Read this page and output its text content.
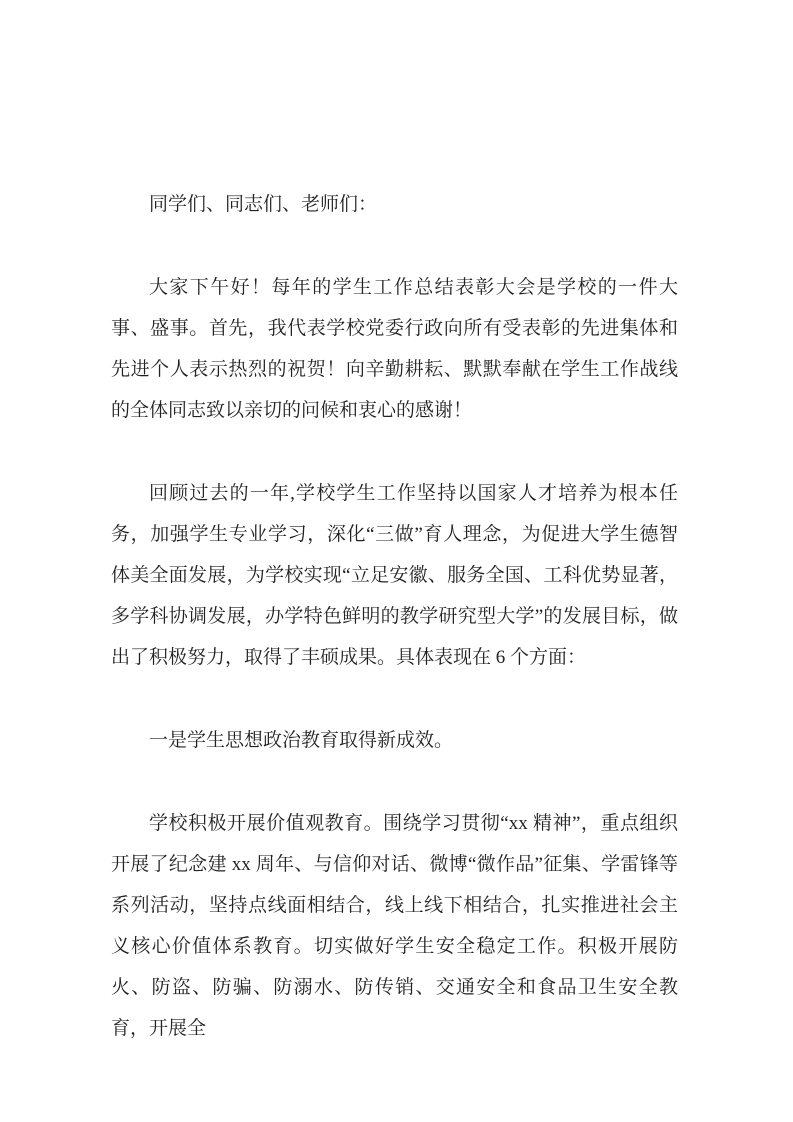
同学们、同志们、老师们：

大家下午好！每年的学生工作总结表彰大会是学校的一件大事、盛事。首先，我代表学校党委行政向所有受表彰的先进集体和先进个人表示热烈的祝贺！向辛勤耕耘、默默奉献在学生工作战线的全体同志致以亲切的问候和衷心的感谢！

回顾过去的一年,学校学生工作坚持以国家人才培养为根本任务，加强学生专业学习，深化“三做”育人理念，为促进大学生德智体美全面发展，为学校实现“立足安徽、服务全国、工科优势显著，多学科协调发展，办学特色鲜明的教学研究型大学”的发展目标，做出了积极努力，取得了丰硕成果。具体表现在 6 个方面：

一是学生思想政治教育取得新成效。

学校积极开展价值观教育。围绕学习贯彻“xx 精神”，重点组织开展了纪念建 xx 周年、与信仰对话、微博“微作品”征集、学雷锋等系列活动，坚持点线面相结合，线上线下相结合，扎实推进社会主义核心价值体系教育。切实做好学生安全稳定工作。积极开展防火、防盗、防骗、防溺水、防传销、交通安全和食品卫生安全教育，开展全
